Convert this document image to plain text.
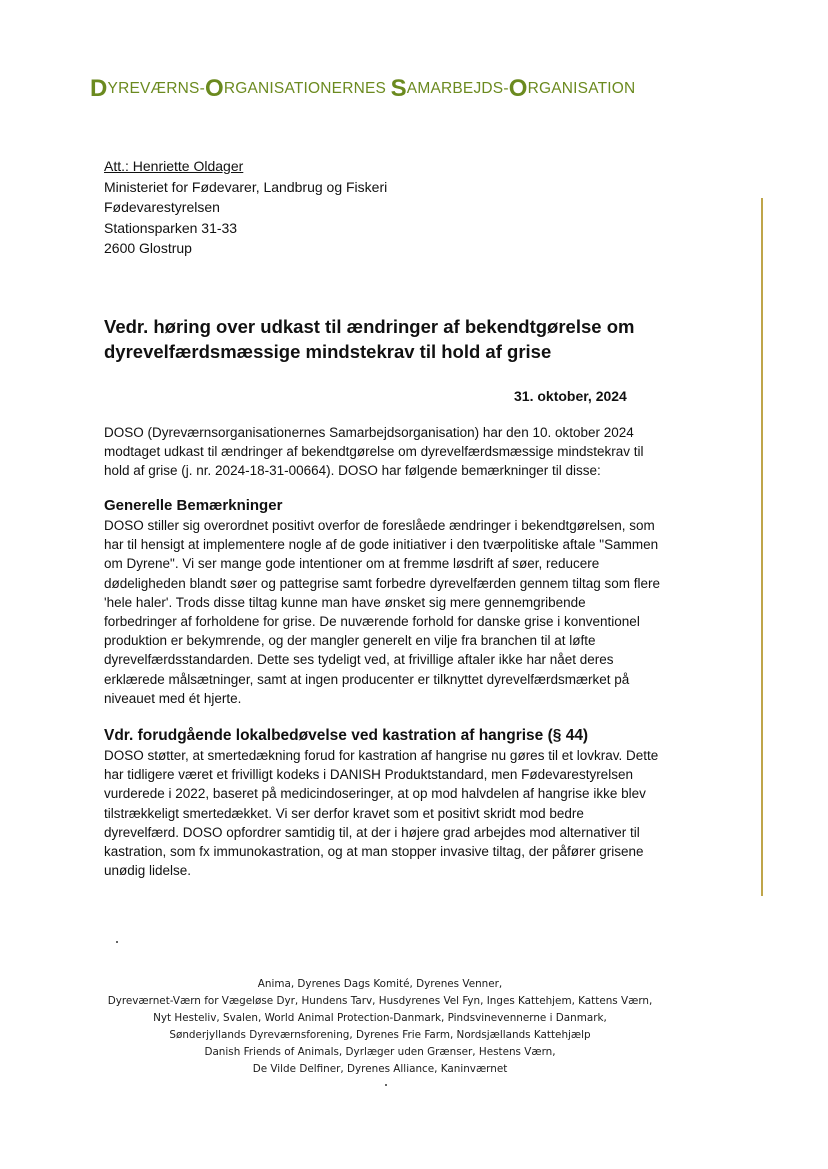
DYREVÆRNS-ORGANISATIONERNES SAMARBEJDS-ORGANISATION
Att.: Henriette Oldager
Ministeriet for Fødevarer, Landbrug og Fiskeri
Fødevarestyrelsen
Stationsparken 31-33
2600 Glostrup
Vedr. høring over udkast til ændringer af bekendtgørelse om
dyrevelfærdsmæssige mindstekrav til hold af grise
31. oktober, 2024
DOSO (Dyreværnsorganisationernes Samarbejdsorganisation) har den 10. oktober 2024
modtaget udkast til ændringer af bekendtgørelse om dyrevelfærdsmæssige mindstekrav til
hold af grise (j. nr. 2024-18-31-00664). DOSO har følgende bemærkninger til disse:
Generelle Bemærkninger
DOSO stiller sig overordnet positivt overfor de foreslåede ændringer i bekendtgørelsen, som
har til hensigt at implementere nogle af de gode initiativer i den tværpolitiske aftale "Sammen
om Dyrene". Vi ser mange gode intentioner om at fremme løsdrift af søer, reducere
dødeligheden blandt søer og pattegrise samt forbedre dyrevelfærden gennem tiltag som flere
'hele haler'. Trods disse tiltag kunne man have ønsket sig mere gennemgribende
forbedringer af forholdene for grise. De nuværende forhold for danske grise i konventionel
produktion er bekymrende, og der mangler generelt en vilje fra branchen til at løfte
dyrevelfærdsstandarden. Dette ses tydeligt ved, at frivillige aftaler ikke har nået deres
erklærede målsætninger, samt at ingen producenter er tilknyttet dyrevelfærdsmærket på
niveauet med ét hjerte.
Vdr. forudgående lokalbedøvelse ved kastration af hangrise (§ 44)
DOSO støtter, at smertedækning forud for kastration af hangrise nu gøres til et lovkrav. Dette
har tidligere været et frivilligt kodeks i DANISH Produktstandard, men Fødevarestyrelsen
vurderede i 2022, baseret på medicindoseringer, at op mod halvdelen af hangrise ikke blev
tilstrækkeligt smertedækket. Vi ser derfor kravet som et positivt skridt mod bedre
dyrevelfærd. DOSO opfordrer samtidig til, at der i højere grad arbejdes mod alternativer til
kastration, som fx immunokastration, og at man stopper invasive tiltag, der påfører grisene
unødig lidelse.
Anima, Dyrenes Dags Komité, Dyrenes Venner,
Dyreværnet-Værn for Vægeløse Dyr, Hundens Tarv, Husdyrenes Vel Fyn, Inges Kattehjem, Kattens Værn,
Nyt Hesteliv, Svalen, World Animal Protection-Danmark, Pindsvinevennerne i Danmark,
Sønderjyllands Dyreværnsforening, Dyrenes Frie Farm, Nordsjællands Kattehjælp
Danish Friends of Animals, Dyrlæger uden Grænser, Hestens Værn,
De Vilde Delfiner, Dyrenes Alliance, Kaninværnet
